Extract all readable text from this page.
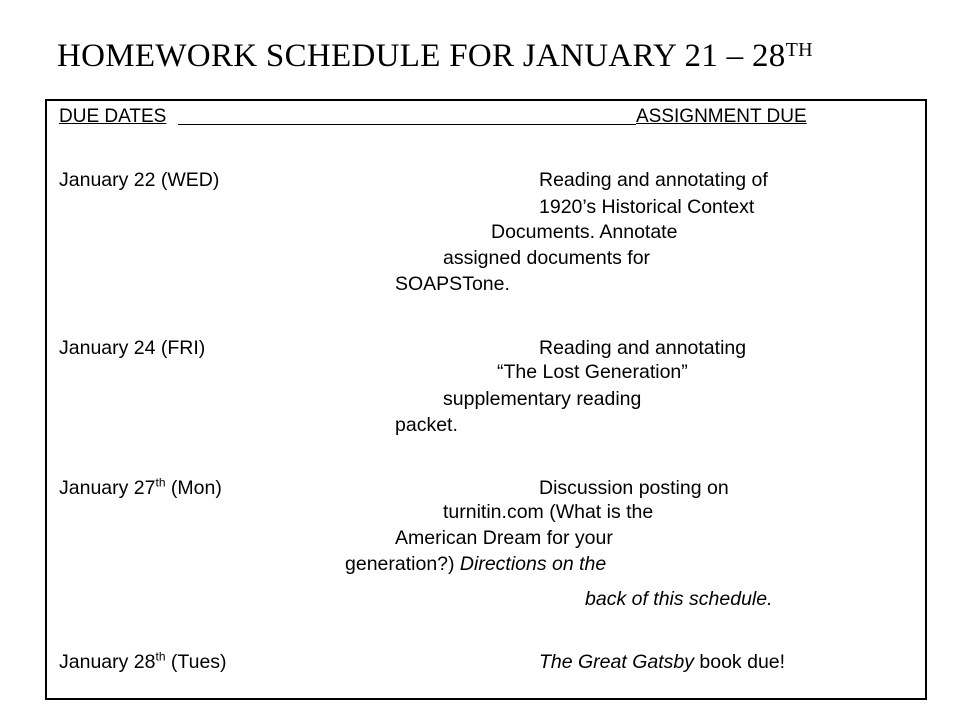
HOMEWORK SCHEDULE FOR JANUARY 21 – 28TH
DUE DATES	ASSIGNMENT DUE
January 22 (WED)	Reading and annotating of
1920’s Historical Context
Documents. Annotate
assigned documents for
SOAPSTone.
January 24 (FRI)	Reading and annotating
“The Lost Generation”
supplementary reading
packet.
January 27th (Mon)	Discussion posting on
turnitin.com (What is the
American Dream for your
generation?) Directions on the
back of this schedule.
January 28th (Tues)	The Great Gatsby book due!
